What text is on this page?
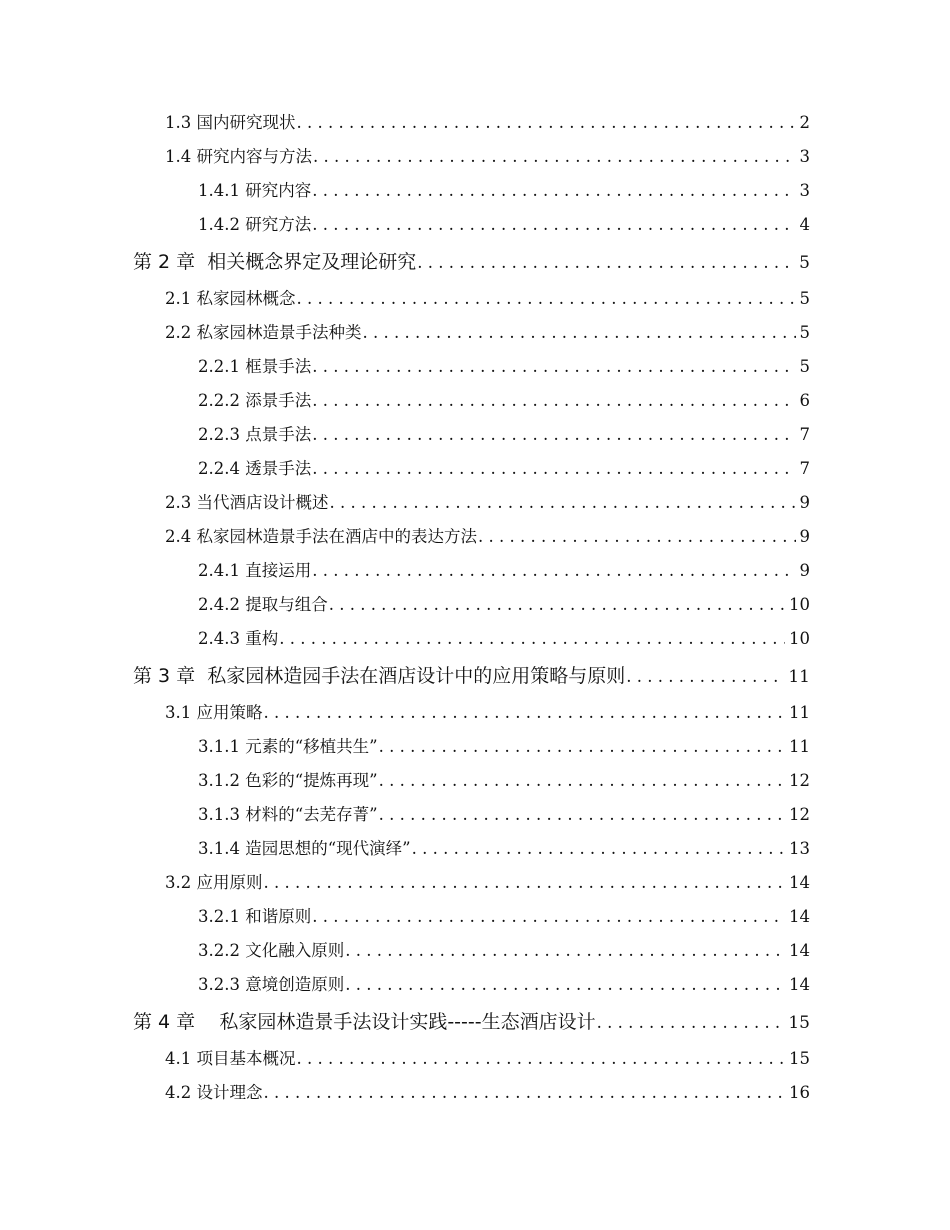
1.3 国内研究现状 . . .	2
1.4 研究内容与方法 . . .	3
1.4.1 研究内容 . . .	3
1.4.2 研究方法 . . .	4
第 2 章 相关概念界定及理论研究 . . .	5
2.1 私家园林概念 . . .	5
2.2 私家园林造景手法种类 . . .	5
2.2.1 框景手法 . . .	5
2.2.2 添景手法 . . .	6
2.2.3 点景手法 . . .	7
2.2.4 透景手法 . . .	7
2.3 当代酒店设计概述 . . .	9
2.4 私家园林造景手法在酒店中的表达方法 . . .	9
2.4.1 直接运用 . . .	9
2.4.2 提取与组合 . . .	10
2.4.3 重构 . . .	10
第 3 章 私家园林造园手法在酒店设计中的应用策略与原则 . . .	11
3.1 应用策略 . . .	11
3.1.1 元素的“移植共生” . . .	11
3.1.2 色彩的“提炼再现” . . .	12
3.1.3 材料的“去芜存菁” . . .	12
3.1.4 造园思想的“现代演绎” . . .	13
3.2 应用原则 . . .	14
3.2.1 和谐原则 . . .	14
3.2.2 文化融入原则 . . .	14
3.2.3 意境创造原则 . . .	14
第 4 章 私家园林造景手法设计实践-----生态酒店设计 . . .	15
4.1 项目基本概况 . . .	15
4.2 设计理念 . . .	16
